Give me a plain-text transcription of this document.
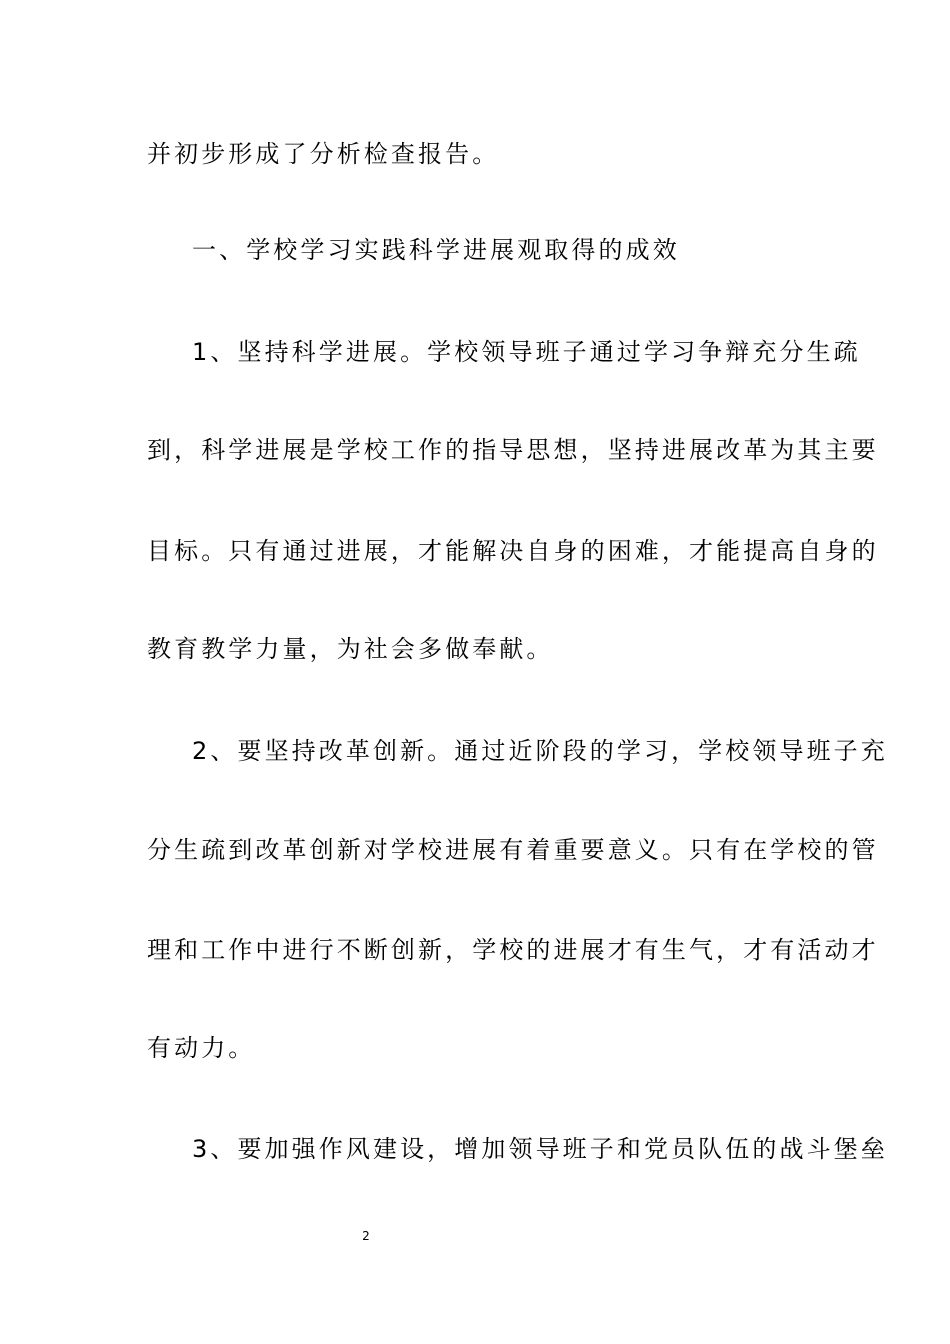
并初步形成了分析检查报告。
一、学校学习实践科学进展观取得的成效
1、坚持科学进展。学校领导班子通过学习争辩充分生疏
到，科学进展是学校工作的指导思想，坚持进展改革为其主要
目标。只有通过进展，才能解决自身的困难，才能提高自身的
教育教学力量，为社会多做奉献。
2、要坚持改革创新。通过近阶段的学习，学校领导班子充
分生疏到改革创新对学校进展有着重要意义。只有在学校的管
理和工作中进行不断创新，学校的进展才有生气，才有活动才
有动力。
3、要加强作风建设，增加领导班子和党员队伍的战斗堡垒
2
